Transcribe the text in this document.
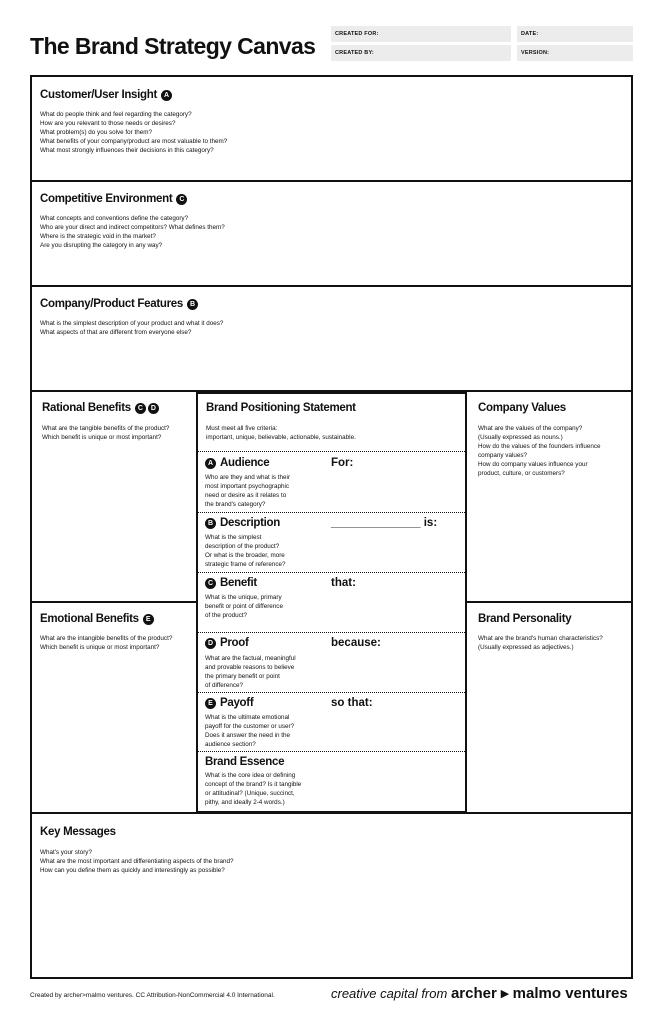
The Brand Strategy Canvas	CREATED FOR:	DATE:
CREATED BY:	VERSION:
Customer/User Insight A
What do people think and feel regarding the category?
How are you relevant to those needs or desires?
What problem(s) do you solve for them?
What benefits of your company/product are most valuable to them?
What most strongly influences their decisions in this category?
Competitive Environment C
What concepts and conventions define the category?
Who are your direct and indirect competitors? What defines them?
Where is the strategic void in the market?
Are you disrupting the category in any way?
Company/Product Features B
What is the simplest description of your product and what it does?
What aspects of that are different from everyone else?
Rational Benefits C	D
What are the tangible benefits of the product?
Which benefit is unique or most important?
Emotional Benefits	E
What are the intangible benefits of the product?
Which benefit is unique or most important?
Company Values
What are the values of the company?
(Usually expressed as nouns.)
How do the values of the founders influence
company values?
How do company values influence your
product, culture, or customers?
Brand Personality
What are the brand's human characteristics?
(Usually expressed as adjectives.)
Brand Positioning Statement
Must meet all five criteria:
important, unique, believable, actionable, sustainable.
A Audience	For:
Who are they and what is their
most important psychographic
need or desire as it relates to
the brand's category?
B Description	______________ is:
What is the simplest
description of the product?
Or what is the broader, more
strategic frame of reference?
C Benefit	that:
What is the unique, primary
benefit or point of difference
of the product?
D Proof	because:
What are the factual, meaningful
and provable reasons to believe
the primary benefit or point
of difference?
E Payoff	so that:
What is the ultimate emotional
payoff for the customer or user?
Does it answer the need in the
audience section?
Brand Essence
What is the core idea or defining
concept of the brand? Is it tangible
or attitudinal? (Unique, succinct,
pithy, and ideally 2-4 words.)
Key Messages
What's your story?
What are the most important and differentiating aspects of the brand?
How can you define them as quickly and interestingly as possible?
Created by archer>malmo ventures. CC Attribution-NonCommercial 4.0 International.	creative capital from archer ▸ malmo ventures
